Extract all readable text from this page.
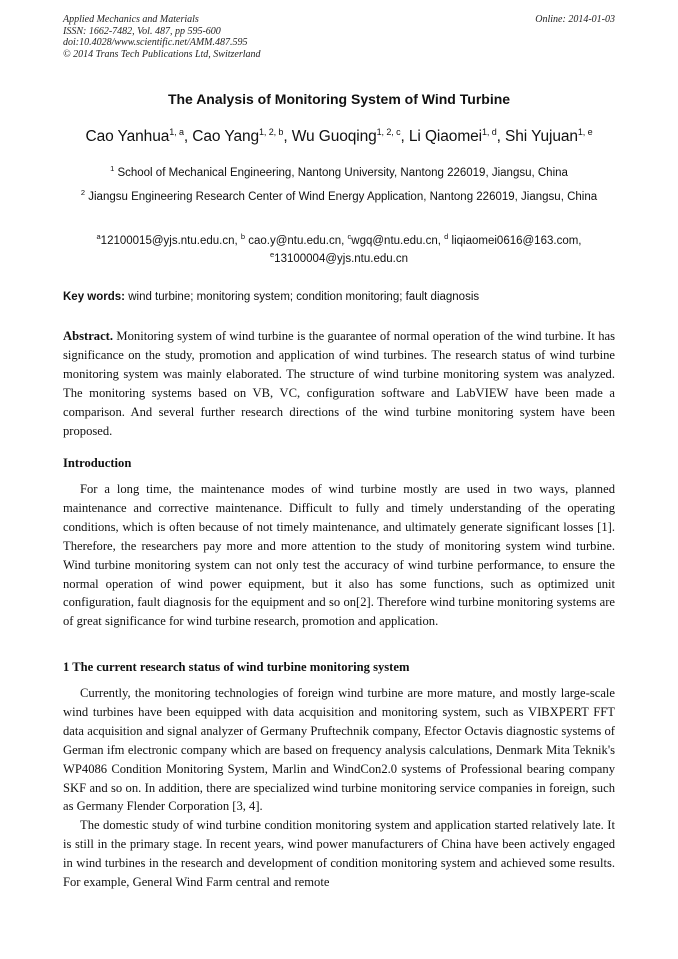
Applied Mechanics and Materials
ISSN: 1662-7482, Vol. 487, pp 595-600
doi:10.4028/www.scientific.net/AMM.487.595
© 2014 Trans Tech Publications Ltd, Switzerland
Online: 2014-01-03
The Analysis of Monitoring System of Wind Turbine
Cao Yanhua$^{1, a}$, Cao Yang$^{1, 2, b}$, Wu Guoqing$^{1, 2, c}$, Li Qiaomei$^{1, d}$, Shi Yujuan$^{1, e}$
$^1$ School of Mechanical Engineering, Nantong University, Nantong 226019, Jiangsu, China
$^2$ Jiangsu Engineering Research Center of Wind Energy Application, Nantong 226019, Jiangsu, China
$^a$12100015@yjs.ntu.edu.cn, $^b$ cao.y@ntu.edu.cn, $^c$wgq@ntu.edu.cn, $^d$ liqiaomei0616@163.com,
$^e$13100004@yjs.ntu.edu.cn
Key words: wind turbine; monitoring system; condition monitoring; fault diagnosis

Abstract. Monitoring system of wind turbine is the guarantee of normal operation of the wind turbine. It has significance on the study, promotion and application of wind turbines. The research status of wind turbine monitoring system was mainly elaborated. The structure of wind turbine monitoring system was analyzed. The monitoring systems based on VB, VC, configuration software and LabVIEW have been made a comparison. And several further research directions of the wind turbine monitoring system have been proposed.

Introduction

For a long time, the maintenance modes of wind turbine mostly are used in two ways, planned maintenance and corrective maintenance. Difficult to fully and timely understanding of the operating conditions, which is often because of not timely maintenance, and ultimately generate significant losses [1]. Therefore, the researchers pay more and more attention to the study of monitoring system wind turbine. Wind turbine monitoring system can not only test the accuracy of wind turbine performance, to ensure the normal operation of wind power equipment, but it also has some functions, such as optimized unit configuration, fault diagnosis for the equipment and so on[2]. Therefore wind turbine monitoring systems are of great significance for wind turbine research, promotion and application.

1 The current research status of wind turbine monitoring system

Currently, the monitoring technologies of foreign wind turbine are more mature, and mostly large-scale wind turbines have been equipped with data acquisition and monitoring system, such as VIBXPERT FFT data acquisition and signal analyzer of Germany Pruftechnik company, Efector Octavis diagnostic systems of German ifm electronic company which are based on frequency analysis calculations, Denmark Mita Teknik's WP4086 Condition Monitoring System, Marlin and WindCon2.0 systems of Professional bearing company SKF and so on. In addition, there are specialized wind turbine monitoring service companies in foreign, such as Germany Flender Corporation [3, 4].

The domestic study of wind turbine condition monitoring system and application started relatively late. It is still in the primary stage. In recent years, wind power manufacturers of China have been actively engaged in wind turbines in the research and development of condition monitoring system and achieved some results. For example, General Wind Farm central and remote
